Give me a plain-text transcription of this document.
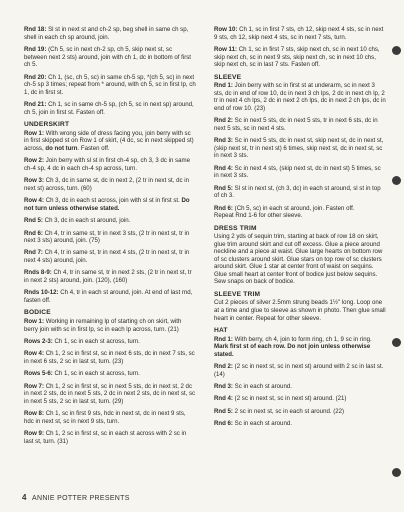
Rnd 18: Sl st in next st and ch-2 sp, beg shell in same ch sp, shell in each ch sp around, join.

Rnd 19: (Ch 5, sc in next ch-2 sp, ch 5, skip next st, sc between next 2 sts) around, join with ch 1, dc in bottom of first ch 5.

Rnd 20: Ch 1, (sc, ch 5, sc) in same ch-5 sp, *(ch 5, sc) in next ch-5 sp 3 times; repeat from * around, with ch 5, sc in first lp, ch 1, dc in first st.

Rnd 21: Ch 1, sc in same ch-5 sp, (ch 5, sc in next sp) around, ch 5, join in first st. Fasten off.

UNDERSKIRT

Row 1: With wrong side of dress facing you, join berry with sc in first skipped st on Row 1 of skirt, (4 dc, sc in next skipped st) across, do not turn. Fasten off.

Row 2: Join berry with sl st in first ch-4 sp, ch 3, 3 dc in same ch-4 sp, 4 dc in each ch-4 sp across, turn.

Row 3: Ch 3, dc in same st, dc in next 2, (2 tr in next st, dc in next st) across, turn. (60)

Row 4: Ch 3, dc in each st across, join with sl st in first st. Do not turn unless otherwise stated.

Rnd 5: Ch 3, dc in each st around, join.

Rnd 6: Ch 4, tr in same st, tr in next 3 sts, (2 tr in next st, tr in next 3 sts) around, join. (75)

Rnd 7: Ch 4, tr in same st, tr in next 4 sts, (2 tr in next st, tr in next 4 sts) around, join.

Rnds 8-9: Ch 4, tr in same st, tr in next 2 sts, (2 tr in next st, tr in next 2 sts) around, join. (120), (160)

Rnds 10-12: Ch 4, tr in each st around, join. At end of last rnd, fasten off.

BODICE

Row 1: Working in remaining lp of starting ch on skirt, with berry join with sc in first lp, sc in each lp across, turn. (21)

Rows 2-3: Ch 1, sc in each st across, turn.

Row 4: Ch 1, 2 sc in first st, sc in next 6 sts, dc in next 7 sts, sc in next 6 sts, 2 sc in last st, turn. (23)

Rows 5-6: Ch 1, sc in each st across, turn.

Row 7: Ch 1, 2 sc in first st, sc in next 5 sts, dc in next st, 2 dc in next 2 sts, dc in next 5 sts, 2 dc in next 2 sts, dc in next st, sc in next 5 sts, 2 sc in last st, turn. (29)

Row 8: Ch 1, sc in first 9 sts, hdc in next st, dc in next 9 sts, hdc in next st, sc in next 9 sts, turn.

Row 9: Ch 1, 2 sc in first st, sc in each st across with 2 sc in last st, turn. (31)

Row 10: Ch 1, sc in first 7 sts, ch 12, skip next 4 sts, sc in next 9 sts, ch 12, skip next 4 sts, sc in next 7 sts, turn.

Row 11: Ch 1, sc in first 7 sts, skip next ch, sc in next 10 chs, skip next ch, sc in next 9 sts, skip next ch, sc in next 10 chs, skip next ch, sc in last 7 sts. Fasten off.

SLEEVE

Rnd 1: Join berry with sc in first st at underarm, sc in next 3 sts, dc in end of row 10, dc in next 3 ch lps, 2 dc in next ch lp, 2 tr in next 4 ch lps, 2 dc in next 2 ch lps, dc in next 2 ch lps, dc in end of row 10. (23)

Rnd 2: Sc in next 5 sts, dc in next 5 sts, tr in next 6 sts, dc in next 5 sts, sc in next 4 sts.

Rnd 3: Sc in next 5 sts, dc in next st, skip next st, dc in next st, (skip next st, tr in next st) 6 times, skip next st, dc in next st, sc in next 3 sts.

Rnd 4: Sc in next 4 sts, (skip next st, dc in next st) 5 times, sc in next 3 sts.

Rnd 5: Sl st in next st, (ch 3, dc) in each st around, sl st in top of ch 3.

Rnd 6: (Ch 5, sc) in each st around, join. Fasten off.
Repeat Rnd 1-6 for other sleeve.

DRESS TRIM

Using 2 yds of sequin trim, starting at back of row 18 on skirt, glue trim around skirt and cut off excess. Glue a piece around neckline and a piece at waist. Glue large hearts on bottom row of sc clusters around skirt. Glue stars on top row of sc clusters around skirt. Glue 1 star at center front of waist on sequins. Glue small heart at center front of bodice just below sequins. Sew snaps on back of bodice.

SLEEVE TRIM

Cut 2 pieces of silver 2.5mm strung beads 1½" long. Loop one at a time and glue to sleeve as shown in photo. Then glue small heart in center. Repeat for other sleeve.

HAT

Rnd 1: With berry, ch 4, join to form ring, ch 1, 9 sc in ring. Mark first st of each row. Do not join unless otherwise stated.

Rnd 2: (2 sc in next st, sc in next st) around with 2 sc in last st. (14)

Rnd 3: Sc in each st around.

Rnd 4: (2 sc in next st, sc in next st) around. (21)

Rnd 5: 2 sc in next st, sc in each st around. (22)

Rnd 6: Sc in each st around.

4 ANNIE POTTER PRESENTS
